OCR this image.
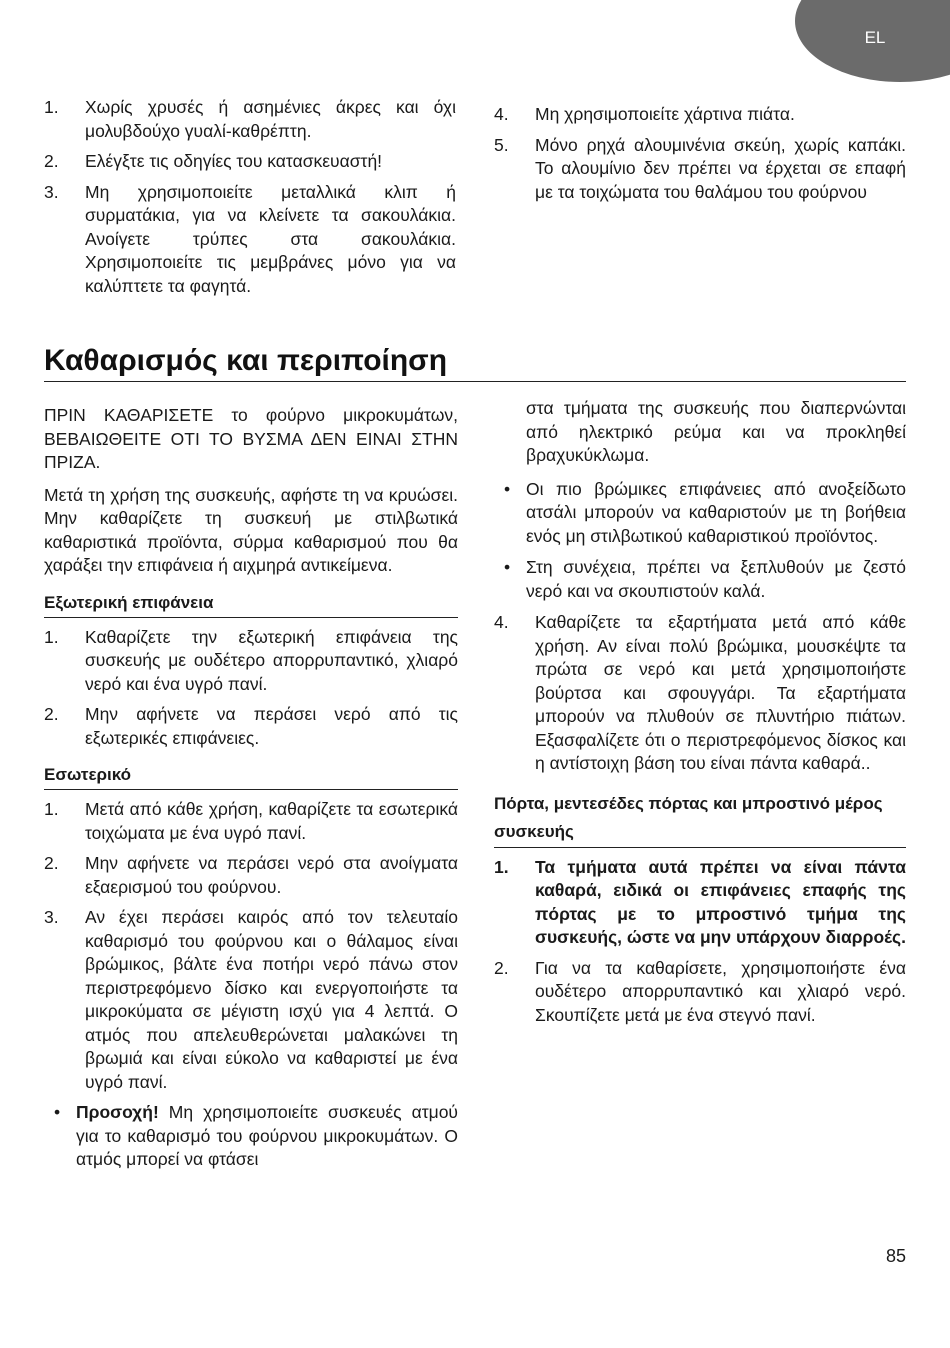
EL
1. Χωρίς χρυσές ή ασημένιες άκρες και όχι μολυβδούχο γυαλί-καθρέπτη.
2. Ελέγξτε τις οδηγίες του κατασκευαστή!
3. Μη χρησιμοποιείτε μεταλλικά κλιπ ή συρματάκια, για να κλείνετε τα σακουλάκια. Ανοίγετε τρύπες στα σακουλάκια. Χρησιμοποιείτε τις μεμβράνες μόνο για να καλύπτετε τα φαγητά.
4. Μη χρησιμοποιείτε χάρτινα πιάτα.
5. Μόνο ρηχά αλουμινένια σκεύη, χωρίς καπάκι. Το αλουμίνιο δεν πρέπει να έρχεται σε επαφή με τα τοιχώματα του θαλάμου του φούρνου
Καθαρισμός και περιποίηση

ΠΡΙΝ ΚΑΘΑΡΙΣΕΤΕ το φούρνο μικροκυμάτων, ΒΕΒΑΙΩΘΕΙΤΕ ΟΤΙ ΤΟ ΒΥΣΜΑ ΔΕΝ ΕΙΝΑΙ ΣΤΗΝ ΠΡΙΖΑ.

Μετά τη χρήση της συσκευής, αφήστε τη να κρυώσει. Μην καθαρίζετε τη συσκευή με στιλβωτικά καθαριστικά προϊόντα, σύρμα καθαρισμού που θα χαράξει την επιφάνεια ή αιχμηρά αντικείμενα.

Εξωτερική επιφάνεια
1. Καθαρίζετε την εξωτερική επιφάνεια της συσκευής με ουδέτερο απορρυπαντικό, χλιαρό νερό και ένα υγρό πανί.
2. Μην αφήνετε να περάσει νερό από τις εξωτερικές επιφάνειες.
Εσωτερικό
1. Μετά από κάθε χρήση, καθαρίζετε τα εσωτερικά τοιχώματα με ένα υγρό πανί.
2. Μην αφήνετε να περάσει νερό στα ανοίγματα εξαερισμού του φούρνου.
3. Αν έχει περάσει καιρός από τον τελευταίο καθαρισμό του φούρνου και ο θάλαμος είναι βρώμικος, βάλτε ένα ποτήρι νερό πάνω στον περιστρεφόμενο δίσκο και ενεργοποιήστε τα μικροκύματα σε μέγιστη ισχύ για 4 λεπτά. Ο ατμός που απελευθερώνεται μαλακώνει τη βρωμιά και είναι εύκολο να καθαριστεί με ένα υγρό πανί.
• Προσοχή! Μη χρησιμοποιείτε συσκευές ατμού για το καθαρισμό του φούρνου μικροκυμάτων. Ο ατμός μπορεί να φτάσει
στα τμήματα της συσκευής που διαπερνώνται από ηλεκτρικό ρεύμα και να προκληθεί βραχυκύκλωμα.
• Οι πιο βρώμικες επιφάνειες από ανοξείδωτο ατσάλι μπορούν να καθαριστούν με τη βοήθεια ενός μη στιλβωτικού καθαριστικού προϊόντος.
• Στη συνέχεια, πρέπει να ξεπλυθούν με ζεστό νερό και να σκουπιστούν καλά.
4. Καθαρίζετε τα εξαρτήματα μετά από κάθε χρήση. Αν είναι πολύ βρώμικα, μουσκέψτε τα πρώτα σε νερό και μετά χρησιμοποιήστε βούρτσα και σφουγγάρι. Τα εξαρτήματα μπορούν να πλυθούν σε πλυντήριο πιάτων. Εξασφαλίζετε ότι ο περιστρεφόμενος δίσκος και η αντίστοιχη βάση του είναι πάντα καθαρά..
Πόρτα, μεντεσέδες πόρτας και μπροστινό μέρος συσκευής
1. Τα τμήματα αυτά πρέπει να είναι πάντα καθαρά, ειδικά οι επιφάνειες επαφής της πόρτας με το μπροστινό τμήμα της συσκευής, ώστε να μην υπάρχουν διαρροές.
2. Για να τα καθαρίσετε, χρησιμοποιήστε ένα ουδέτερο απορρυπαντικό και χλιαρό νερό. Σκουπίζετε μετά με ένα στεγνό πανί.
85
